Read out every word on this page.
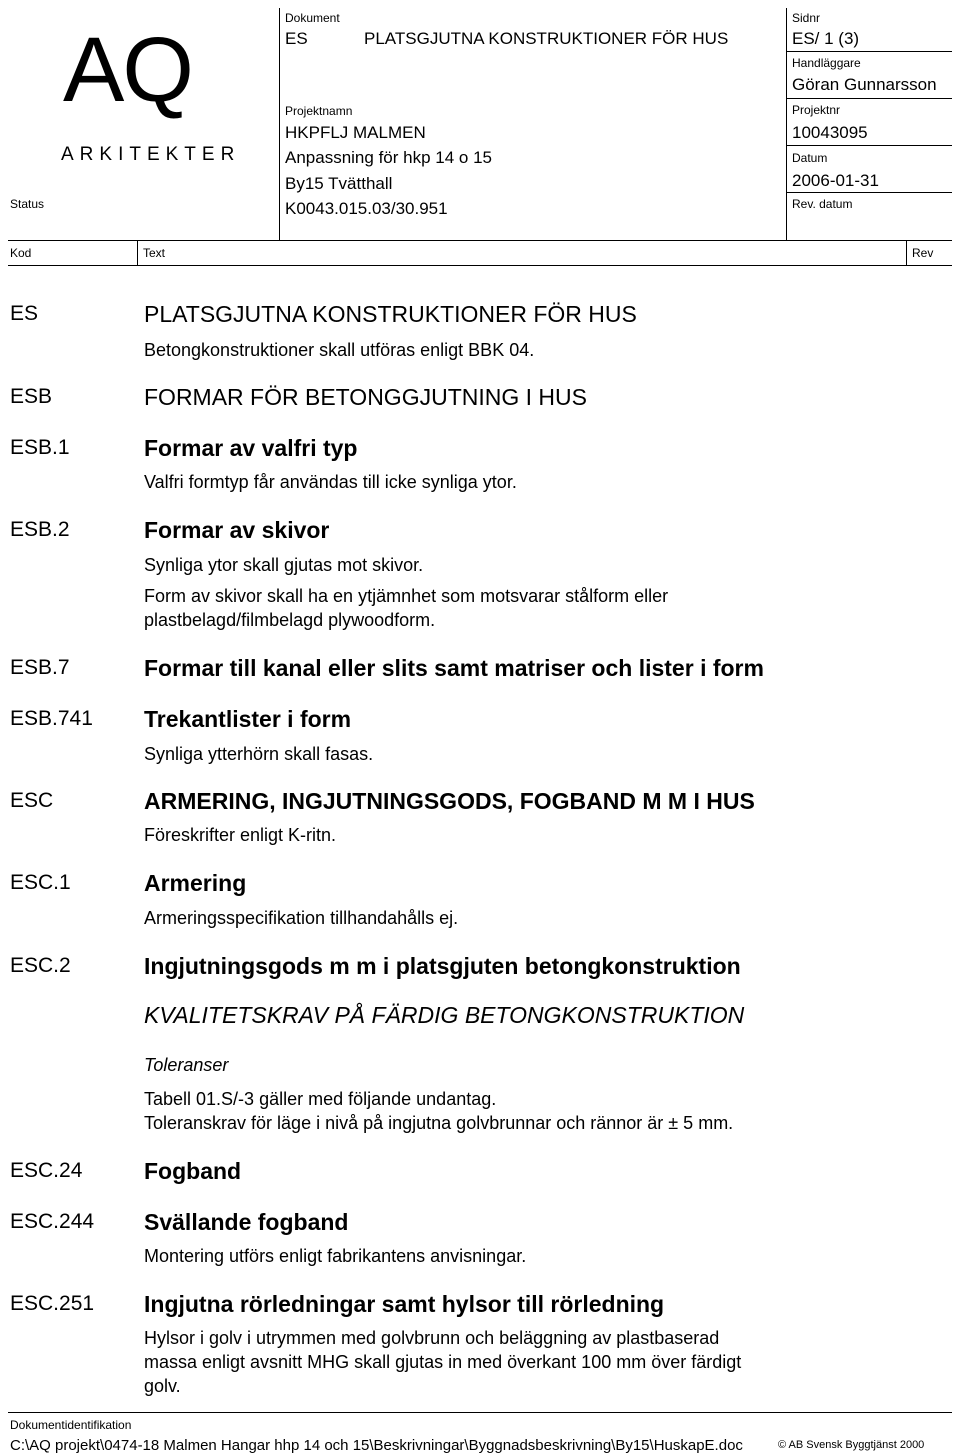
AQ
ARKITEKTER
Status
Dokument
ES	PLATSGJUTNA KONSTRUKTIONER FÖR HUS
Projektnamn
HKPFLJ MALMEN
Anpassning för hkp 14 o 15
By15 Tvätthall
K0043.015.03/30.951
Sidnr
ES/ 1 (3)
Handläggare
Göran Gunnarsson
Projektnr
10043095
Datum
2006-01-31
Rev. datum
Kod	Text	Rev
ES	PLATSGJUTNA KONSTRUKTIONER FÖR HUS
Betongkonstruktioner skall utföras enligt BBK 04.
ESB	FORMAR FÖR BETONGGJUTNING I HUS
ESB.1	Formar av valfri typ
Valfri formtyp får användas till icke synliga ytor.
ESB.2	Formar av skivor
Synliga ytor skall gjutas mot skivor.
Form av skivor skall ha en ytjämnhet som motsvarar stålform eller
plastbelagd/filmbelagd plywoodform.
ESB.7	Formar till kanal eller slits samt matriser och lister i form
ESB.741 Trekantlister i form
Synliga ytterhörn skall fasas.
ESC	ARMERING, INGJUTNINGSGODS, FOGBAND M M I HUS
Föreskrifter enligt K-ritn.
ESC.1	Armering
Armeringsspecifikation tillhandahålls ej.
ESC.2	Ingjutningsgods m m i platsgjuten betongkonstruktion
KVALITETSKRAV PÅ FÄRDIG BETONGKONSTRUKTION
Toleranser
Tabell 01.S/-3 gäller med följande undantag.
Toleranskrav för läge i nivå på ingjutna golvbrunnar och rännor är ± 5 mm.
ESC.24	Fogband
ESC.244 Svällande fogband
Montering utförs enligt fabrikantens anvisningar.
ESC.251 Ingjutna rörledningar samt hylsor till rörledning
Hylsor i golv i utrymmen med golvbrunn och beläggning av plastbaserad
massa enligt avsnitt MHG skall gjutas in med överkant 100 mm över färdigt
golv.
Dokumentidentifikation
C:\AQ projekt\0474-18 Malmen Hangar hhp 14 och 15\Beskrivningar\Byggnadsbeskrivning\By15\HuskapE.doc	© AB Svensk Byggtjänst 2000
